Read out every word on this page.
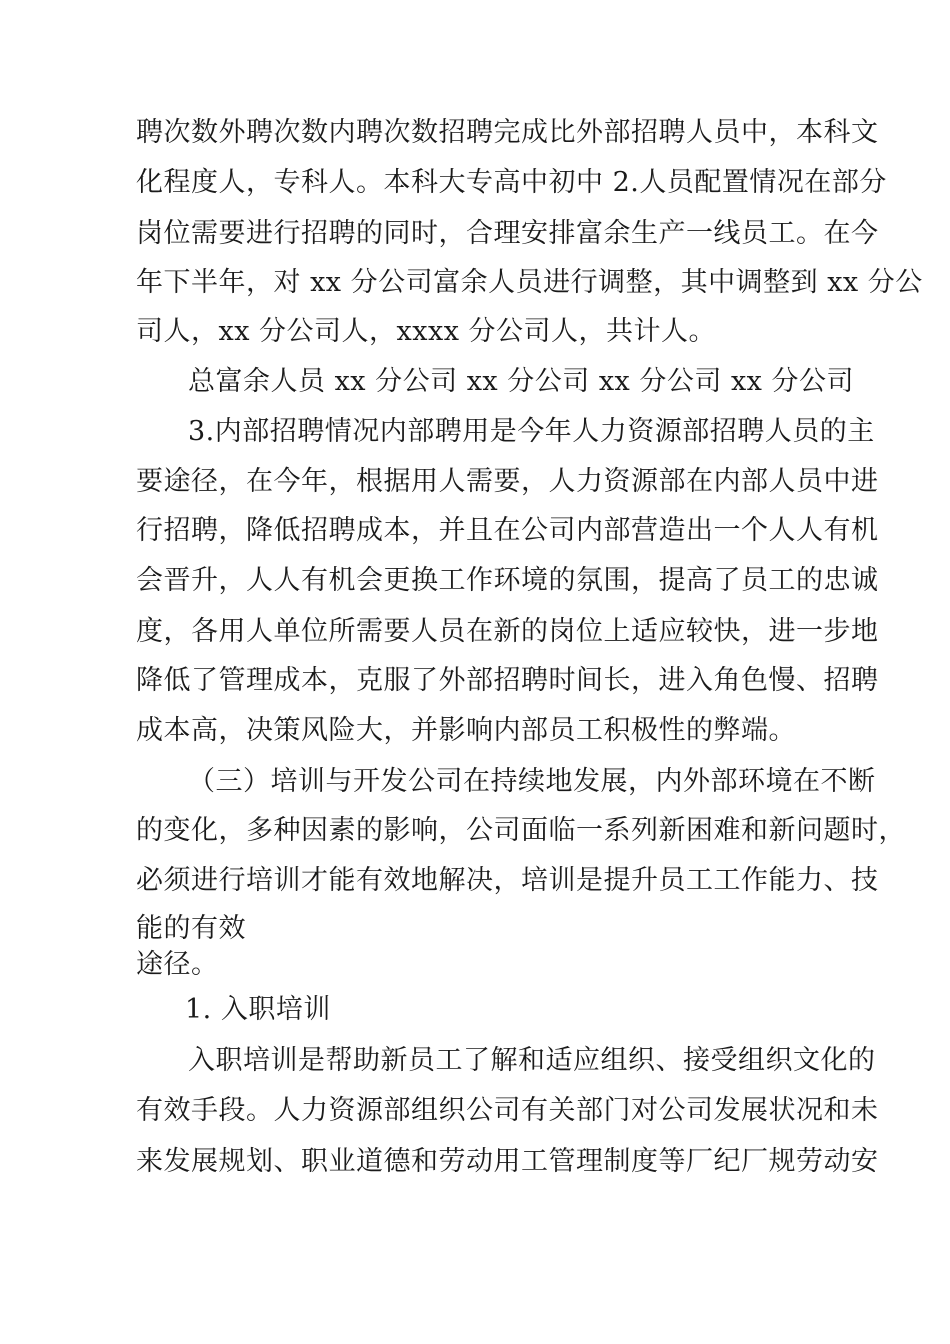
聘次数外聘次数内聘次数招聘完成比外部招聘人员中，本科文
化程度人，专科人。本科大专高中初中 2.人员配置情况在部分
岗位需要进行招聘的同时，合理安排富余生产一线员工。在今
年下半年，对 xx 分公司富余人员进行调整，其中调整到 xx 分公
司人，xx 分公司人，xxxx 分公司人，共计人。
总富余人员 xx 分公司 xx 分公司 xx 分公司 xx 分公司
3.内部招聘情况内部聘用是今年人力资源部招聘人员的主
要途径，在今年，根据用人需要，人力资源部在内部人员中进
行招聘，降低招聘成本，并且在公司内部营造出一个人人有机
会晋升，人人有机会更换工作环境的氛围，提高了员工的忠诚
度，各用人单位所需要人员在新的岗位上适应较快，进一步地
降低了管理成本，克服了外部招聘时间长，进入角色慢、招聘
成本高，决策风险大，并影响内部员工积极性的弊端。
（三）培训与开发公司在持续地发展，内外部环境在不断
的变化，多种因素的影响，公司面临一系列新困难和新问题时，
必须进行培训才能有效地解决，培训是提升员工工作能力、技
能的有效
途径。
1. 入职培训
入职培训是帮助新员工了解和适应组织、接受组织文化的
有效手段。人力资源部组织公司有关部门对公司发展状况和未
来发展规划、职业道德和劳动用工管理制度等厂纪厂规劳动安
